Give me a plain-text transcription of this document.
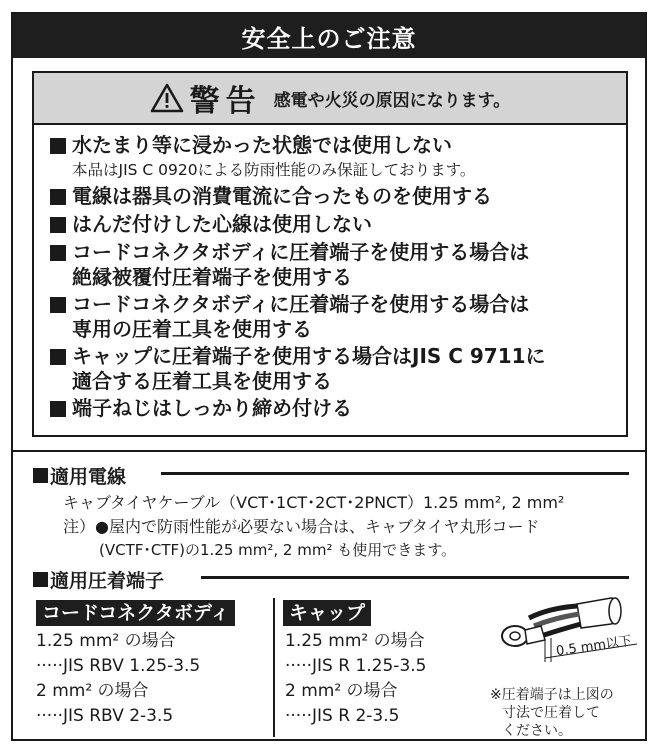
安全上のご注意
警告 感電や火災の原因になります。
水たまり等に浸かった状態では使用しない
本品はJIS C 0920による防雨性能のみ保証しております。
電線は器具の消費電流に合ったものを使用する
はんだ付けした心線は使用しない
コードコネクタボディに圧着端子を使用する場合は
絶縁被覆付圧着端子を使用する
コードコネクタボディに圧着端子を使用する場合は
専用の圧着工具を使用する
キャップに圧着端子を使用する場合はJIS C 9711に
適合する圧着工具を使用する
端子ねじはしっかり締め付ける
適用電線
キャブタイヤケーブル（VCT･1CT･2CT･2PNCT）1.25 mm², 2 mm²
注）●屋内で防雨性能が必要ない場合は、キャブタイヤ丸形コード
(VCTF･CTF)の1.25 mm², 2 mm² も使用できます。
適用圧着端子
コードコネクタボディ	キャップ
1.25 mm² の場合
·····JIS RBV 1.25-3.5
2 mm² の場合
·····JIS RBV 2-3.5
1.25 mm² の場合
·····JIS R 1.25-3.5
2 mm² の場合
·····JIS R 2-3.5
0.5 mm以下
※圧着端子は上図の
寸法で圧着して
ください。
